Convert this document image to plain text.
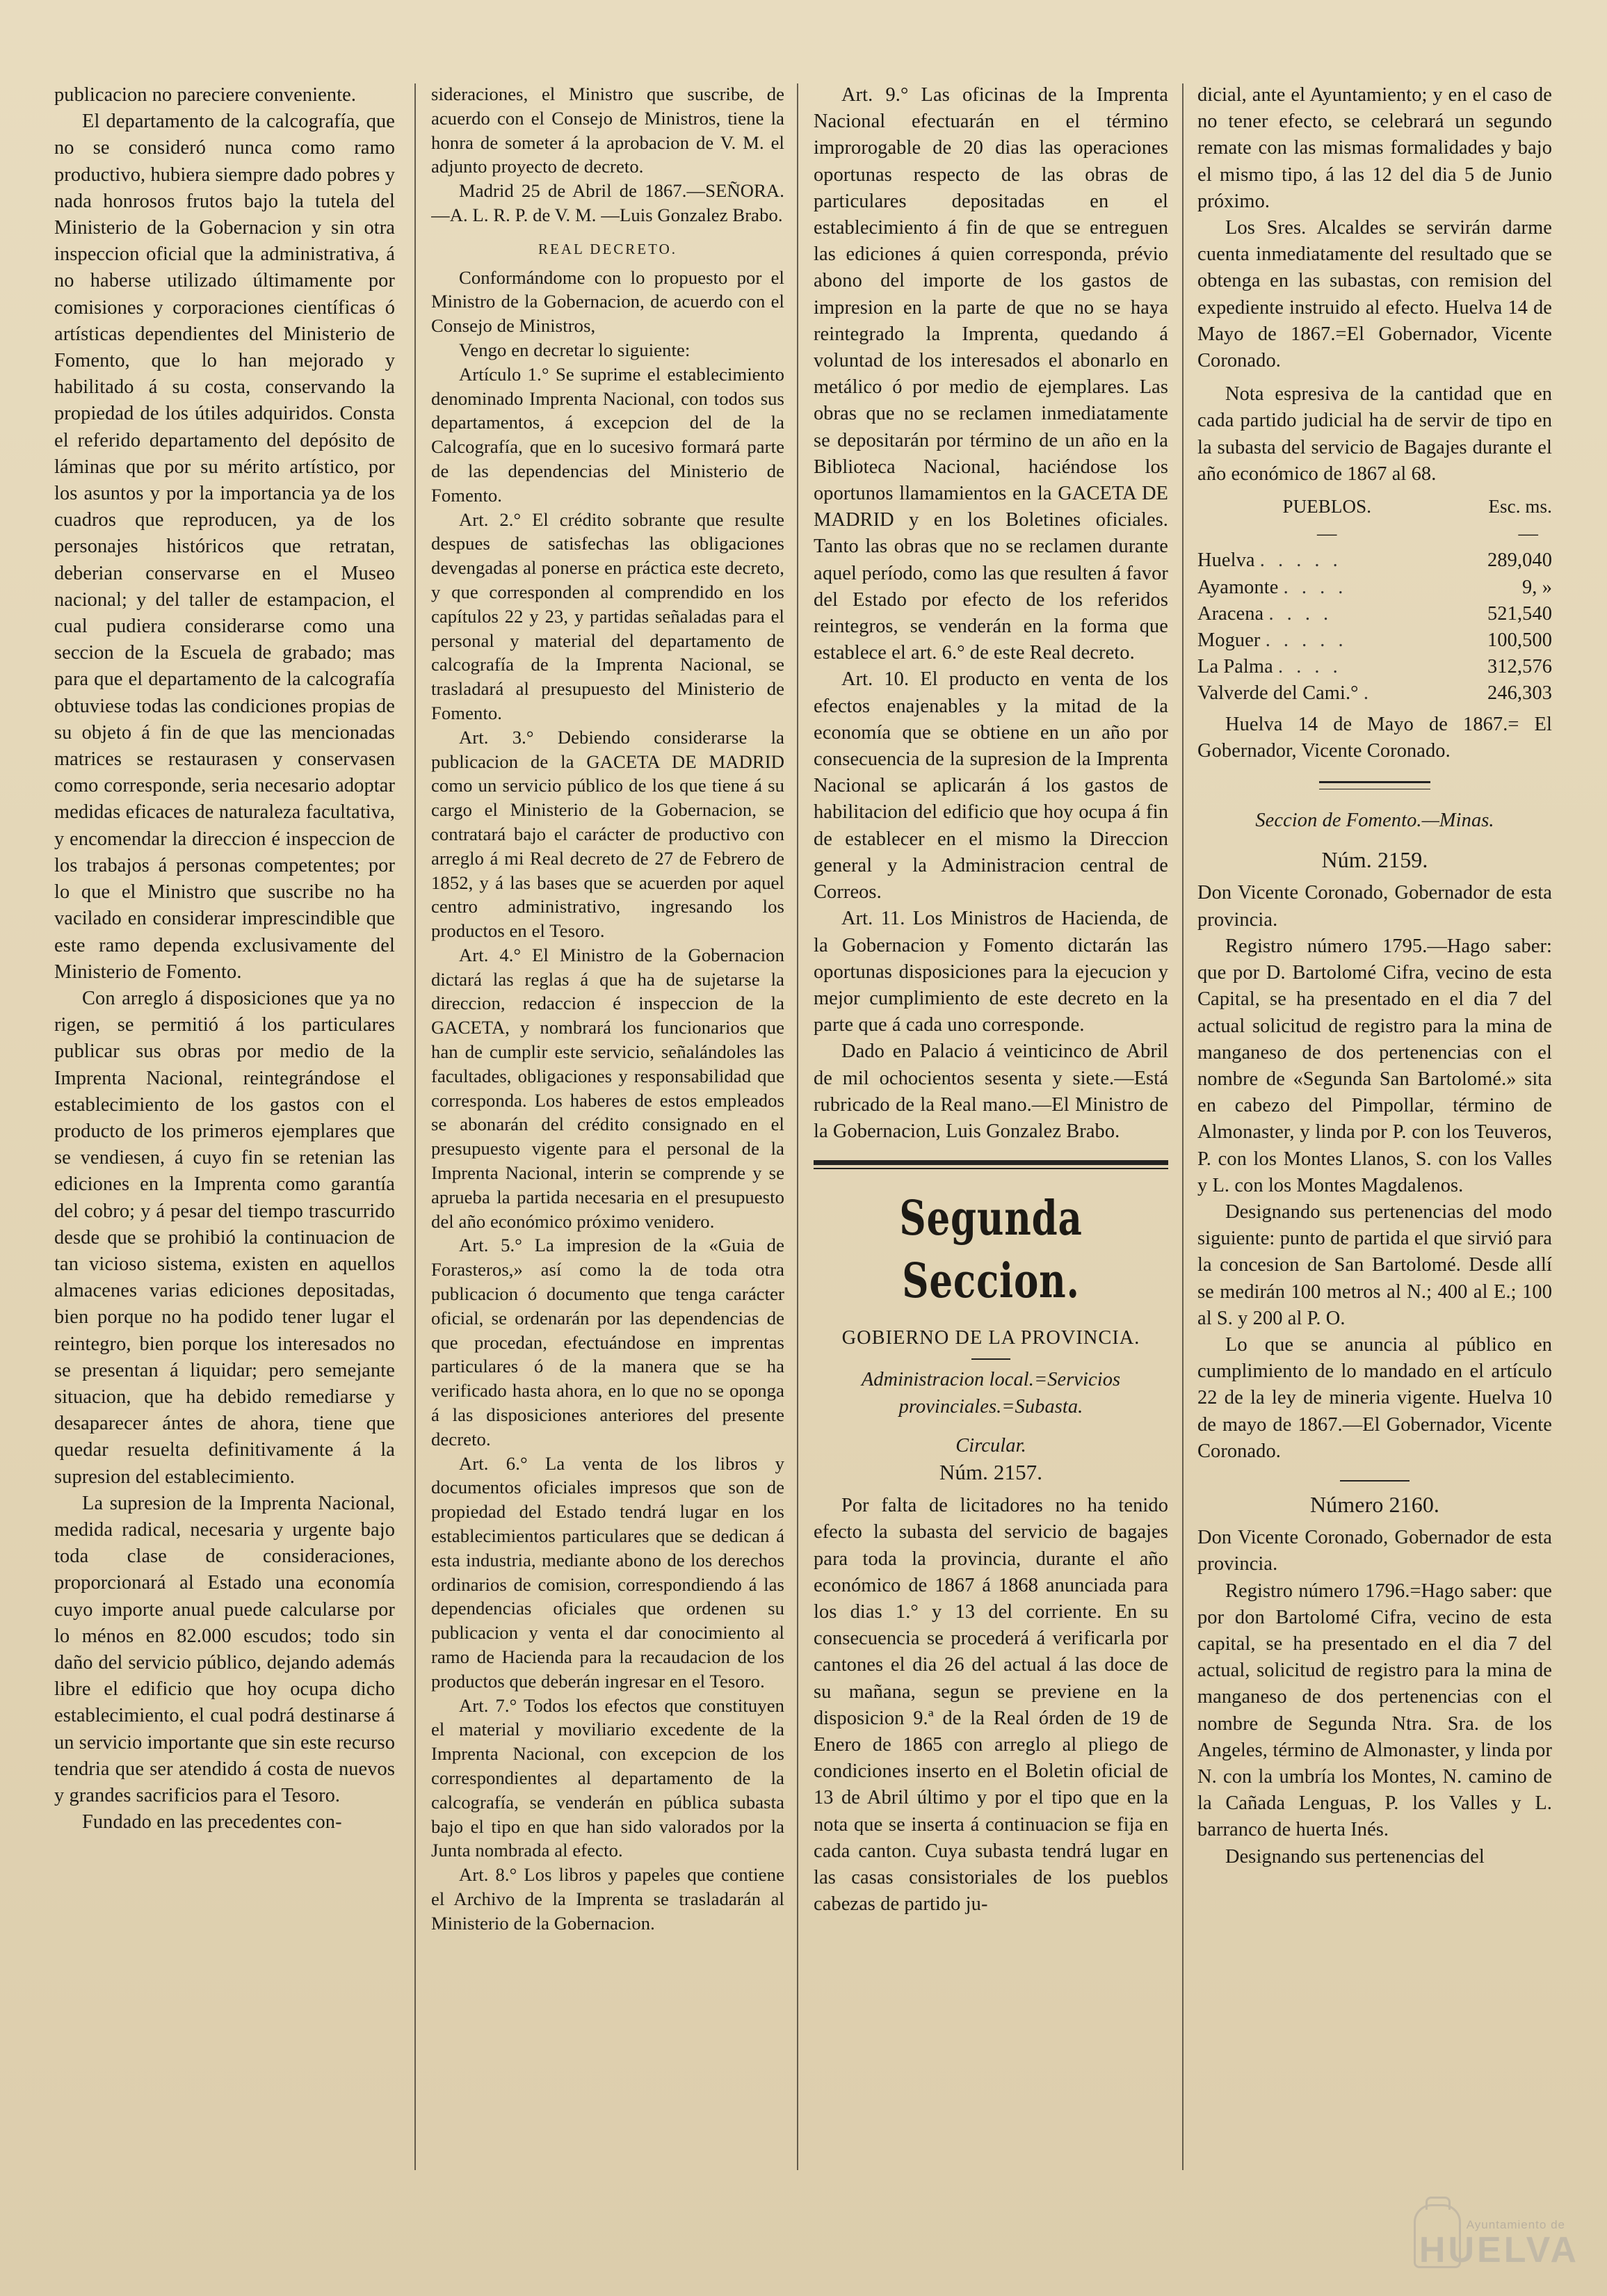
publicacion no pareciere conveniente.

El departamento de la calcografía, que no se consideró nunca como ramo productivo, hubiera siempre dado pobres y nada honrosos frutos bajo la tutela del Ministerio de la Gobernacion y sin otra inspeccion oficial que la administrativa, á no haberse utilizado últimamente por comisiones y corporaciones científicas ó artísticas dependientes del Ministerio de Fomento, que lo han mejorado y habilitado á su costa, conservando la propiedad de los útiles adquiridos. Consta el referido departamento del depósito de láminas que por su mérito artístico, por los asuntos y por la importancia ya de los cuadros que reproducen, ya de los personajes históricos que retratan, deberian conservarse en el Museo nacional; y del taller de estampacion, el cual pudiera considerarse como una seccion de la Escuela de grabado; mas para que el departamento de la calcografía obtuviese todas las condiciones propias de su objeto á fin de que las mencionadas matrices se restaurasen y conservasen como corresponde, seria necesario adoptar medidas eficaces de naturaleza facultativa, y encomendar la direccion é inspeccion de los trabajos á personas competentes; por lo que el Ministro que suscribe no ha vacilado en considerar imprescindible que este ramo dependa exclusivamente del Ministerio de Fomento.

Con arreglo á disposiciones que ya no rigen, se permitió á los particulares publicar sus obras por medio de la Imprenta Nacional, reintegrándose el establecimiento de los gastos con el producto de los primeros ejemplares que se vendiesen, á cuyo fin se retenian las ediciones en la Imprenta como garantía del cobro; y á pesar del tiempo trascurrido desde que se prohibió la continuacion de tan vicioso sistema, existen en aquellos almacenes varias ediciones depositadas, bien porque no ha podido tener lugar el reintegro, bien porque los interesados no se presentan á liquidar; pero semejante situacion, que ha debido remediarse y desaparecer ántes de ahora, tiene que quedar resuelta definitivamente á la supresion del establecimiento.

La supresion de la Imprenta Nacional, medida radical, necesaria y urgente bajo toda clase de consideraciones, proporcionará al Estado una economía cuyo importe anual puede calcularse por lo ménos en 82.000 escudos; todo sin daño del servicio público, dejando además libre el edificio que hoy ocupa dicho establecimiento, el cual podrá destinarse á un servicio importante que sin este recurso tendria que ser atendido á costa de nuevos y grandes sacrificios para el Tesoro.

Fundado en las precedentes con-

sideraciones, el Ministro que suscribe, de acuerdo con el Consejo de Ministros, tiene la honra de someter á la aprobacion de V. M. el adjunto proyecto de decreto.

Madrid 25 de Abril de 1867.—SEÑORA.—A. L. R. P. de V. M. —Luis Gonzalez Brabo.

REAL DECRETO.

Conformándome con lo propuesto por el Ministro de la Gobernacion, de acuerdo con el Consejo de Ministros,

Vengo en decretar lo siguiente:

Artículo 1.° Se suprime el establecimiento denominado Imprenta Nacional, con todos sus departamentos, á excepcion del de la Calcografía, que en lo sucesivo formará parte de las dependencias del Ministerio de Fomento.

Art. 2.° El crédito sobrante que resulte despues de satisfechas las obligaciones devengadas al ponerse en práctica este decreto, y que corresponden al comprendido en los capítulos 22 y 23, y partidas señaladas para el personal y material del departamento de calcografía de la Imprenta Nacional, se trasladará al presupuesto del Ministerio de Fomento.

Art. 3.° Debiendo considerarse la publicacion de la GACETA DE MADRID como un servicio público de los que tiene á su cargo el Ministerio de la Gobernacion, se contratará bajo el carácter de productivo con arreglo á mi Real decreto de 27 de Febrero de 1852, y á las bases que se acuerden por aquel centro administrativo, ingresando los productos en el Tesoro.

Art. 4.° El Ministro de la Gobernacion dictará las reglas á que ha de sujetarse la direccion, redaccion é inspeccion de la GACETA, y nombrará los funcionarios que han de cumplir este servicio, señalándoles las facultades, obligaciones y responsabilidad que corresponda. Los haberes de estos empleados se abonarán del crédito consignado en el presupuesto vigente para el personal de la Imprenta Nacional, interin se comprende y se aprueba la partida necesaria en el presupuesto del año económico próximo venidero.

Art. 5.° La impresion de la «Guia de Forasteros,» así como la de toda otra publicacion ó documento que tenga carácter oficial, se ordenarán por las dependencias de que procedan, efectuándose en imprentas particulares ó de la manera que se ha verificado hasta ahora, en lo que no se oponga á las disposiciones anteriores del presente decreto.

Art. 6.° La venta de los libros y documentos oficiales impresos que son de propiedad del Estado tendrá lugar en los establecimientos particulares que se dedican á esta industria, mediante abono de los derechos ordinarios de comision, correspondiendo á las dependencias oficiales que ordenen su publicacion y venta el dar conocimiento al ramo de Hacienda para la recaudacion de los productos que deberán ingresar en el Tesoro.

Art. 7.° Todos los efectos que constituyen el material y moviliario excedente de la Imprenta Nacional, con excepcion de los correspondientes al departamento de la calcografía, se venderán en pública subasta bajo el tipo en que han sido valorados por la Junta nombrada al efecto.

Art. 8.° Los libros y papeles que contiene el Archivo de la Imprenta se trasladarán al Ministerio de la Gobernacion.

Art. 9.° Las oficinas de la Imprenta Nacional efectuarán en el término improrogable de 20 dias las operaciones oportunas respecto de las obras de particulares depositadas en el establecimiento á fin de que se entreguen las ediciones á quien corresponda, prévio abono del importe de los gastos de impresion en la parte de que no se haya reintegrado la Imprenta, quedando á voluntad de los interesados el abonarlo en metálico ó por medio de ejemplares. Las obras que no se reclamen inmediatamente se depositarán por término de un año en la Biblioteca Nacional, haciéndose los oportunos llamamientos en la GACETA DE MADRID y en los Boletines oficiales. Tanto las obras que no se reclamen durante aquel período, como las que resulten á favor del Estado por efecto de los referidos reintegros, se venderán en la forma que establece el art. 6.° de este Real decreto.

Art. 10. El producto en venta de los efectos enajenables y la mitad de la economía que se obtiene en un año por consecuencia de la supresion de la Imprenta Nacional se aplicarán á los gastos de habilitacion del edificio que hoy ocupa á fin de establecer en el mismo la Direccion general y la Administracion central de Correos.

Art. 11. Los Ministros de Hacienda, de la Gobernacion y Fomento dictarán las oportunas disposiciones para la ejecucion y mejor cumplimiento de este decreto en la parte que á cada uno corresponde.

Dado en Palacio á veinticinco de Abril de mil ochocientos sesenta y siete.—Está rubricado de la Real mano.—El Ministro de la Gobernacion, Luis Gonzalez Brabo.

Segunda Seccion.

GOBIERNO DE LA PROVINCIA.

Administracion local.=Servicios provinciales.=Subasta.

Circular.

Núm. 2157.

Por falta de licitadores no ha tenido efecto la subasta del servicio de bagajes para toda la provincia, durante el año económico de 1867 á 1868 anunciada para los dias 1.° y 13 del corriente. En su consecuencia se procederá á verificarla por cantones el dia 26 del actual á las doce de su mañana, segun se previene en la disposicion 9.ª de la Real órden de 19 de Enero de 1865 con arreglo al pliego de condiciones inserto en el Boletin oficial de 13 de Abril último y por el tipo que en la nota que se inserta á continuacion se fija en cada canton. Cuya subasta tendrá lugar en las casas consistoriales de los pueblos cabezas de partido ju-

dicial, ante el Ayuntamiento; y en el caso de no tener efecto, se celebrará un segundo remate con las mismas formalidades y bajo el mismo tipo, á las 12 del dia 5 de Junio próximo.

Los Sres. Alcaldes se servirán darme cuenta inmediatamente del resultado que se obtenga en las subastas, con remision del expediente instruido al efecto. Huelva 14 de Mayo de 1867.=El Gobernador, Vicente Coronado.

Nota espresiva de la cantidad que en cada partido judicial ha de servir de tipo en la subasta del servicio de Bagajes durante el año económico de 1867 al 68.

PUEBLOS.	Esc. ms.
—	—
Huelva . . . . .	289,040
Ayamonte . . . .	9, »
Aracena . . . .	521,540
Moguer . . . . .	100,500
La Palma . . . .	312,576
Valverde del Cami.° .	246,303

Huelva 14 de Mayo de 1867.= El Gobernador, Vicente Coronado.

Seccion de Fomento.—Minas.

Núm. 2159.

Don Vicente Coronado, Gobernador de esta provincia.

Registro número 1795.—Hago saber: que por D. Bartolomé Cifra, vecino de esta Capital, se ha presentado en el dia 7 del actual solicitud de registro para la mina de manganeso de dos pertenencias con el nombre de «Segunda San Bartolomé.» sita en cabezo del Pimpollar, término de Almonaster, y linda por P. con los Teuveros, P. con los Montes Llanos, S. con los Valles y L. con los Montes Magdalenos.

Designando sus pertenencias del modo siguiente: punto de partida el que sirvió para la concesion de San Bartolomé. Desde allí se medirán 100 metros al N.; 400 al E.; 100 al S. y 200 al P. O.

Lo que se anuncia al público en cumplimiento de lo mandado en el artículo 22 de la ley de mineria vigente. Huelva 10 de mayo de 1867.—El Gobernador, Vicente Coronado.

Número 2160.

Don Vicente Coronado, Gobernador de esta provincia.

Registro número 1796.=Hago saber: que por don Bartolomé Cifra, vecino de esta capital, se ha presentado en el dia 7 del actual, solicitud de registro para la mina de manganeso de dos pertenencias con el nombre de Segunda Ntra. Sra. de los Angeles, término de Almonaster, y linda por N. con la umbría los Montes, N. camino de la Cañada Lenguas, P. los Valles y L. barranco de huerta Inés.

Designando sus pertenencias del

Ayuntamiento de
HUELVA
